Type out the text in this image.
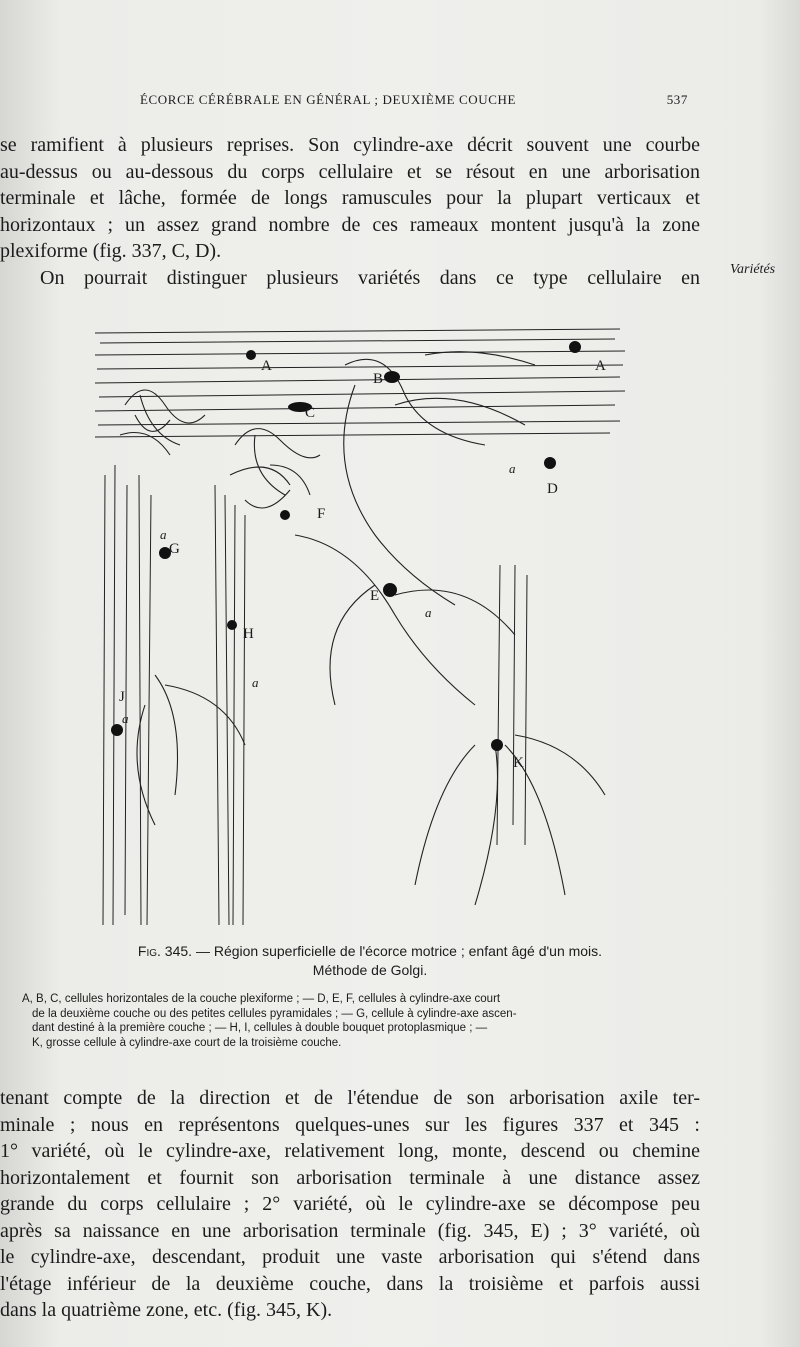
ÉCORCE CÉRÉBRALE EN GÉNÉRAL ; DEUXIÈME COUCHE	537
se ramifient à plusieurs reprises. Son cylindre-axe décrit souvent une courbe
au-dessus ou au-dessous du corps cellulaire et se résout en une arborisation
terminale et lâche, formée de longs ramuscules pour la plupart verticaux et
horizontaux ; un assez grand nombre de ces rameaux montent jusqu'à la zone
plexiforme (fig. 337, C, D).
On pourrait distinguer plusieurs variétés dans ce type cellulaire en Variétés
A
B
C
A
D
F
G
E
H
J
K
a
a
a
a
a
Fig. 345. — Région superficielle de l'écorce motrice ; enfant âgé d'un mois.
Méthode de Golgi.
A, B, C, cellules horizontales de la couche plexiforme ; — D, E, F, cellules à cylindre-axe court
de la deuxième couche ou des petites cellules pyramidales ; — G, cellule à cylindre-axe ascen-
dant destiné à la première couche ; — H, I, cellules à double bouquet protoplasmique ; —
K, grosse cellule à cylindre-axe court de la troisième couche.
tenant compte de la direction et de l'étendue de son arborisation axile ter-
minale ; nous en représentons quelques-unes sur les figures 337 et 345 :
1° variété, où le cylindre-axe, relativement long, monte, descend ou chemine
horizontalement et fournit son arborisation terminale à une distance assez
grande du corps cellulaire ; 2° variété, où le cylindre-axe se décompose peu
après sa naissance en une arborisation terminale (fig. 345, E) ; 3° variété, où
le cylindre-axe, descendant, produit une vaste arborisation qui s'étend dans
l'étage inférieur de la deuxième couche, dans la troisième et parfois aussi
dans la quatrième zone, etc. (fig. 345, K).
